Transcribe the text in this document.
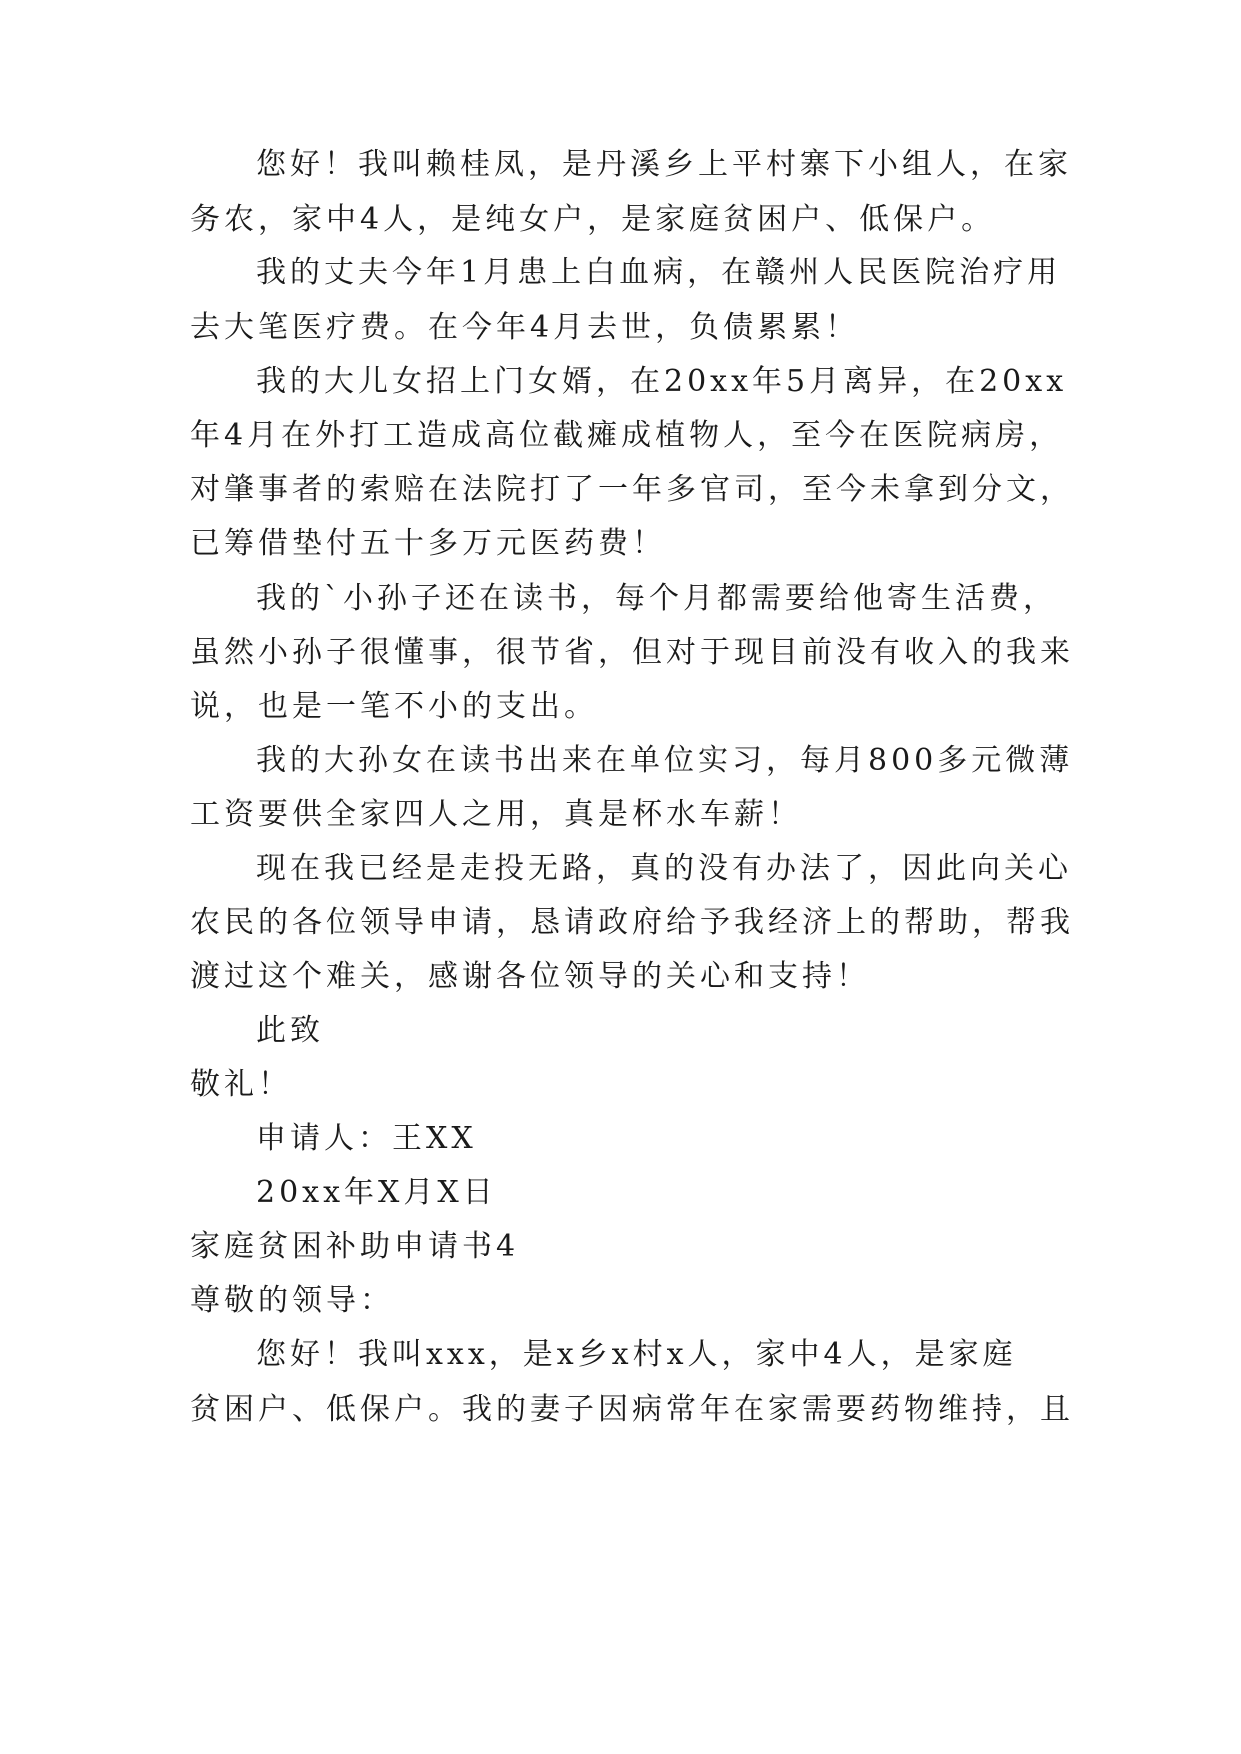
您好！我叫赖桂凤，是丹溪乡上平村寨下小组人，在家
务农，家中4人，是纯女户，是家庭贫困户、低保户。
我的丈夫今年1月患上白血病，在赣州人民医院治疗用
去大笔医疗费。在今年4月去世，负债累累！
我的大儿女招上门女婿，在20xx年5月离异，在20xx
年4月在外打工造成高位截瘫成植物人，至今在医院病房，
对肇事者的索赔在法院打了一年多官司，至今未拿到分文，
已筹借垫付五十多万元医药费！
我的`小孙子还在读书，每个月都需要给他寄生活费，
虽然小孙子很懂事，很节省，但对于现目前没有收入的我来
说，也是一笔不小的支出。
我的大孙女在读书出来在单位实习，每月800多元微薄
工资要供全家四人之用，真是杯水车薪！
现在我已经是走投无路，真的没有办法了，因此向关心
农民的各位领导申请，恳请政府给予我经济上的帮助，帮我
渡过这个难关，感谢各位领导的关心和支持！
此致
敬礼！
申请人：王XX
20xx年X月X日
家庭贫困补助申请书4
尊敬的领导：
您好！我叫xxx，是x乡x村x人，家中4人，是家庭
贫困户、低保户。我的妻子因病常年在家需要药物维持，且
